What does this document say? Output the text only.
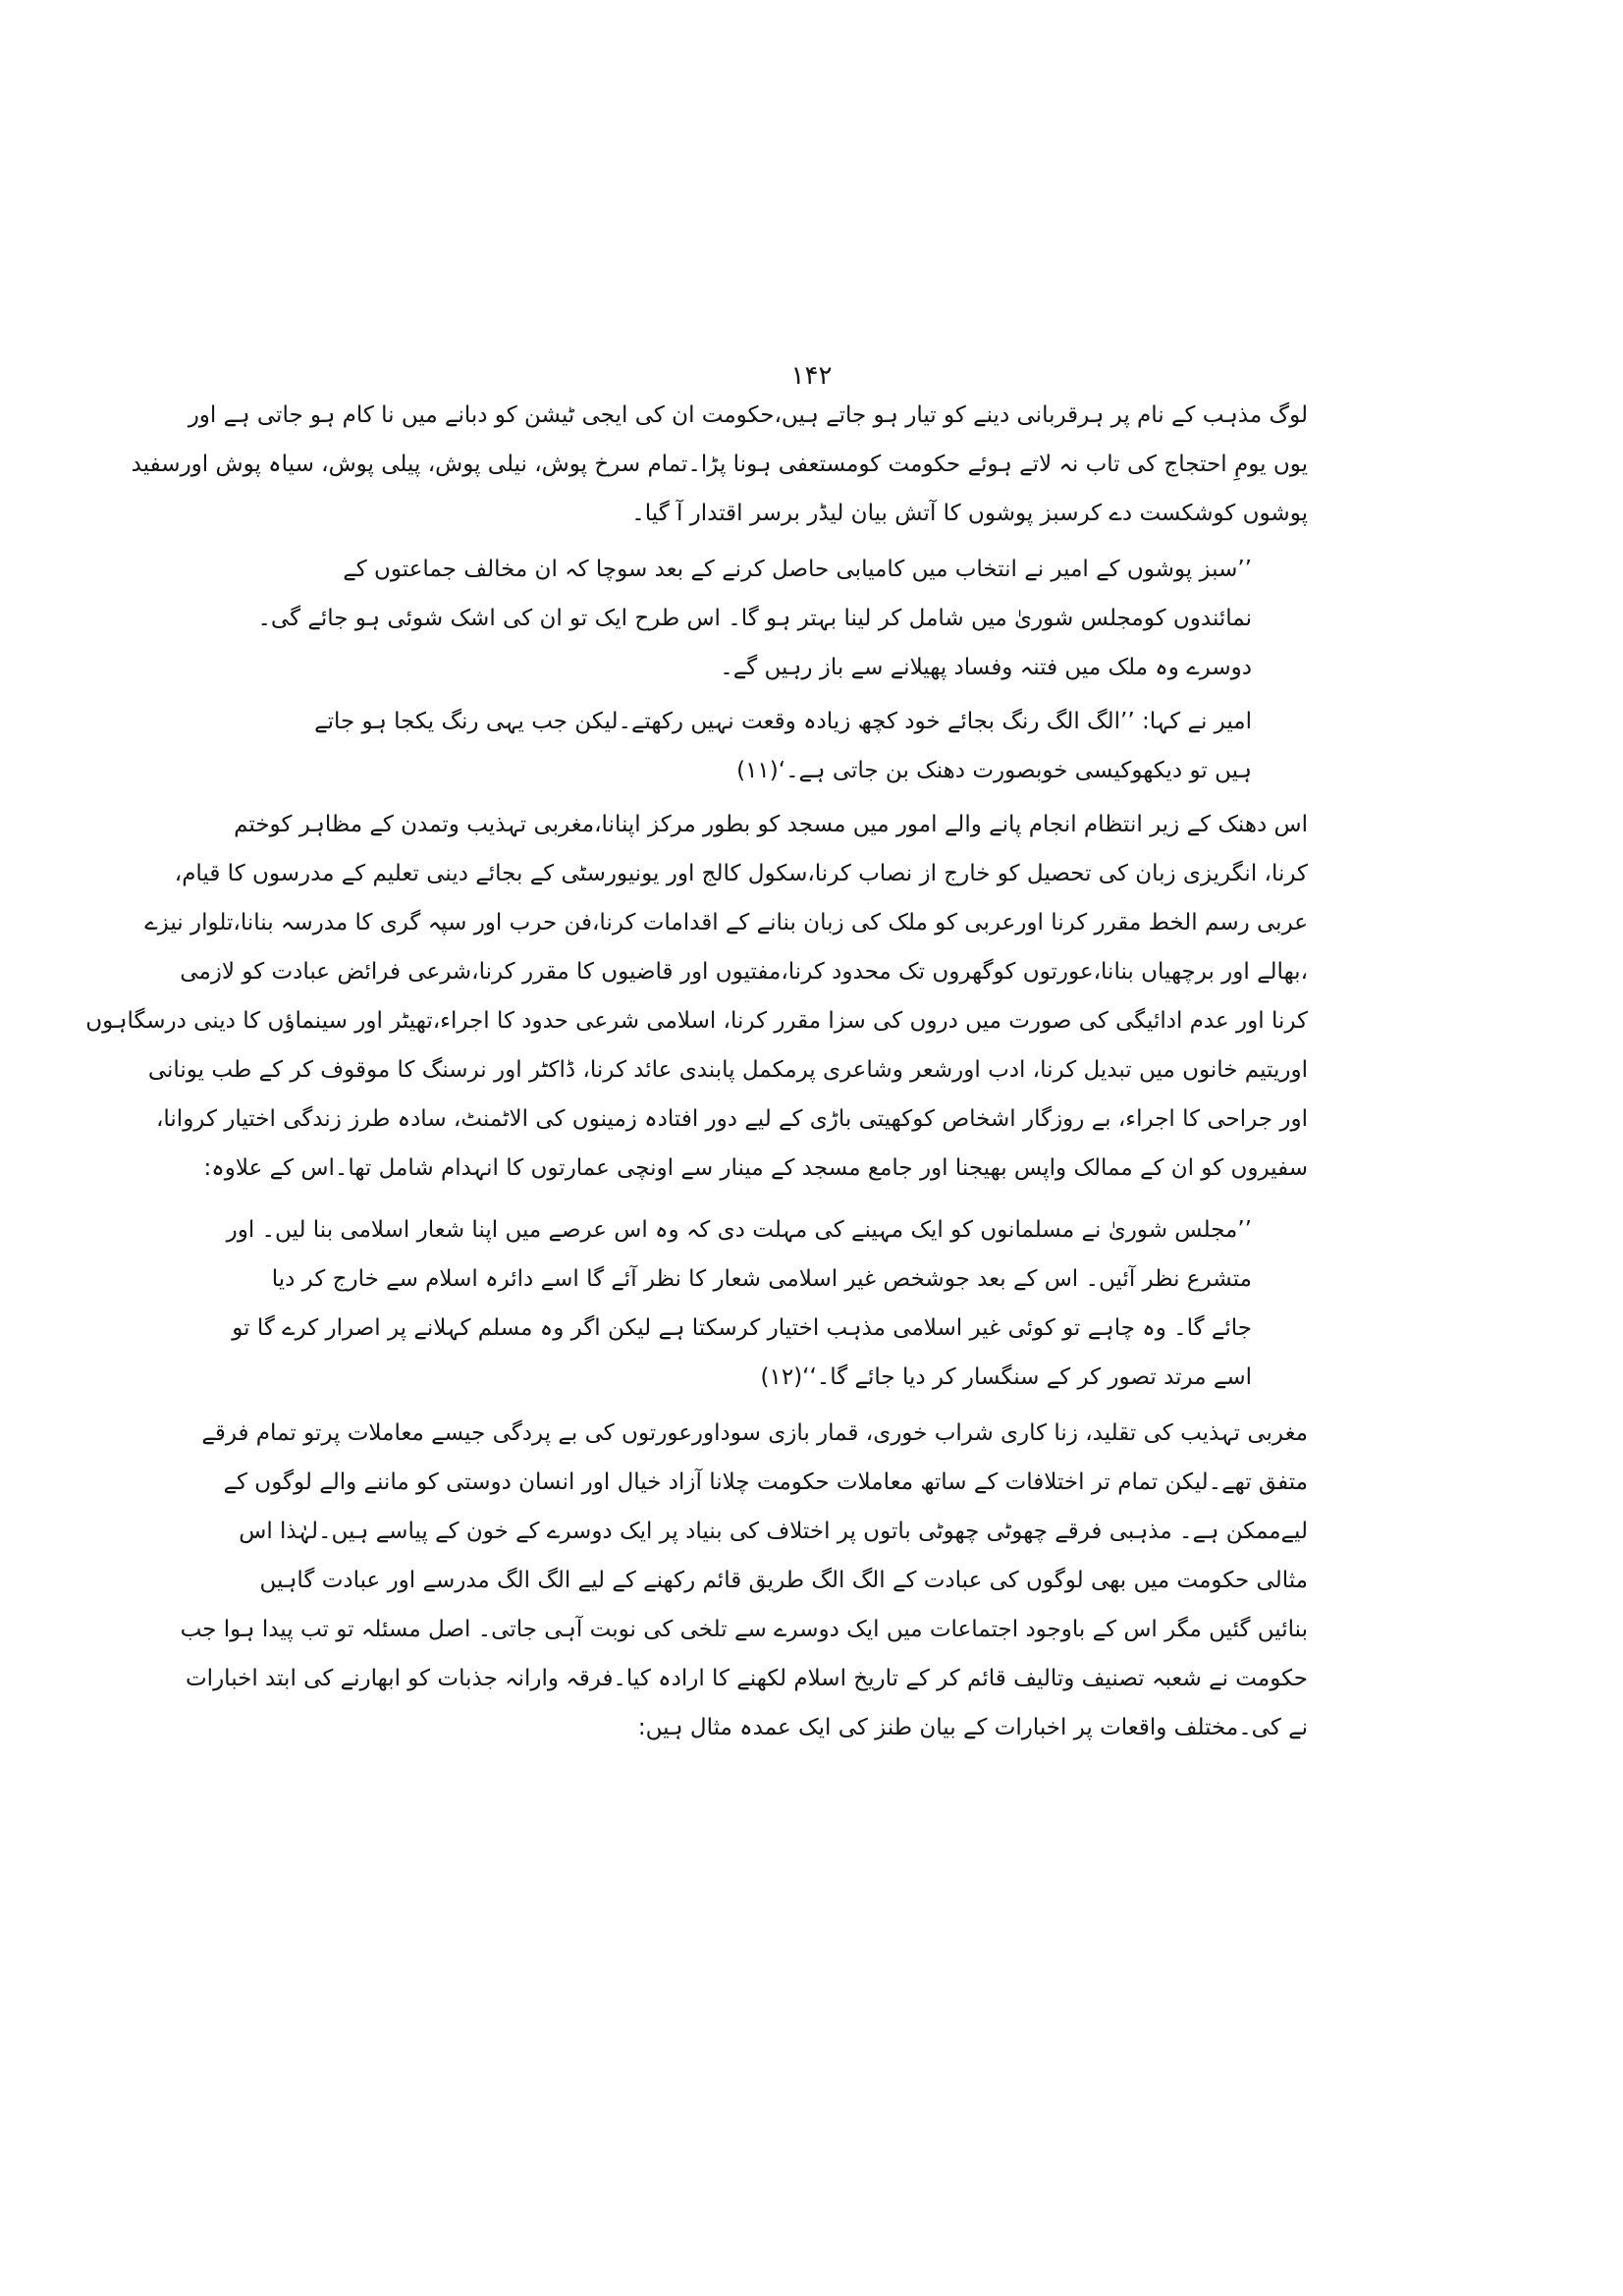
۱۴۲
لوگ مذہب کے نام پر ہرقربانی دینے کو تیار ہو جاتے ہیں،حکومت ان کی ایجی ٹیشن کو دبانے میں نا کام ہو جاتی ہے اور
یوں یومِ احتجاج کی تاب نہ لاتے ہوئے حکومت کومستعفی ہونا پڑا۔تمام سرخ پوش، نیلی پوش، پیلی پوش، سیاہ پوش اورسفید
پوشوں کوشکست دے کرسبز پوشوں کا آتش بیان لیڈر برسر اقتدار آ گیا۔
’’سبز پوشوں کے امیر نے انتخاب میں کامیابی حاصل کرنے کے بعد سوچا کہ ان مخالف جماعتوں کے
نمائندوں کومجلس شوریٰ میں شامل کر لینا بہتر ہو گا۔ اس طرح ایک تو ان کی اشک شوئی ہو جائے گی۔
دوسرے وہ ملک میں فتنہ وفساد پھیلانے سے باز رہیں گے۔
امیر نے کہا: ’’الگ الگ رنگ بجائے خود کچھ زیادہ وقعت نہیں رکھتے۔لیکن جب یہی رنگ یکجا ہو جاتے
ہیں تو دیکھوکیسی خوبصورت دھنک بن جاتی ہے۔‘(۱۱)
اس دھنک کے زیر انتظام انجام پانے والے امور میں مسجد کو بطور مرکز اپنانا،مغربی تہذیب وتمدن کے مظاہر کوختم
کرنا، انگریزی زبان کی تحصیل کو خارج از نصاب کرنا،سکول کالج اور یونیورسٹی کے بجائے دینی تعلیم کے مدرسوں کا قیام،
عربی رسم الخط مقرر کرنا اورعربی کو ملک کی زبان بنانے کے اقدامات کرنا،فن حرب اور سپہ گری کا مدرسہ بنانا،تلوار نیزے
،بھالے اور برچھیاں بنانا،عورتوں کوگھروں تک محدود کرنا،مفتیوں اور قاضیوں کا مقرر کرنا،شرعی فرائض عبادت کو لازمی
کرنا اور عدم ادائیگی کی صورت میں دروں کی سزا مقرر کرنا، اسلامی شرعی حدود کا اجراء،تھیٹر اور سینماؤں کا دینی درسگاہوں
اوریتیم خانوں میں تبدیل کرنا، ادب اورشعر وشاعری پرمکمل پابندی عائد کرنا، ڈاکٹر اور نرسنگ کا موقوف کر کے طب یونانی
اور جراحی کا اجراء، بے روزگار اشخاص کوکھیتی باڑی کے لیے دور افتادہ زمینوں کی الاٹمنٹ، سادہ طرز زندگی اختیار کروانا،
سفیروں کو ان کے ممالک واپس بھیجنا اور جامع مسجد کے مینار سے اونچی عمارتوں کا انہدام شامل تھا۔اس کے علاوہ:
’’مجلس شوریٰ نے مسلمانوں کو ایک مہینے کی مہلت دی کہ وہ اس عرصے میں اپنا شعار اسلامی بنا لیں۔ اور
متشرع نظر آئیں۔ اس کے بعد جوشخص غیر اسلامی شعار کا نظر آئے گا اسے دائرہ اسلام سے خارج کر دیا
جائے گا۔ وہ چاہے تو کوئی غیر اسلامی مذہب اختیار کرسکتا ہے لیکن اگر وہ مسلم کہلانے پر اصرار کرے گا تو
اسے مرتد تصور کر کے سنگسار کر دیا جائے گا۔‘‘(۱۲)
مغربی تہذیب کی تقلید، زنا کاری شراب خوری، قمار بازی سوداورعورتوں کی بے پردگی جیسے معاملات پرتو تمام فرقے
متفق تھے۔لیکن تمام تر اختلافات کے ساتھ معاملات حکومت چلانا آزاد خیال اور انسان دوستی کو ماننے والے لوگوں کے
لیےممکن ہے۔ مذہبی فرقے چھوٹی چھوٹی باتوں پر اختلاف کی بنیاد پر ایک دوسرے کے خون کے پیاسے ہیں۔لہٰذا اس
مثالی حکومت میں بھی لوگوں کی عبادت کے الگ الگ طریق قائم رکھنے کے لیے الگ الگ مدرسے اور عبادت گاہیں
بنائیں گئیں مگر اس کے باوجود اجتماعات میں ایک دوسرے سے تلخی کی نوبت آہی جاتی۔ اصل مسئلہ تو تب پیدا ہوا جب
حکومت نے شعبہ تصنیف وتالیف قائم کر کے تاریخ اسلام لکھنے کا ارادہ کیا۔فرقہ وارانہ جذبات کو ابھارنے کی ابتد اخبارات
نے کی۔مختلف واقعات پر اخبارات کے بیان طنز کی ایک عمدہ مثال ہیں:
